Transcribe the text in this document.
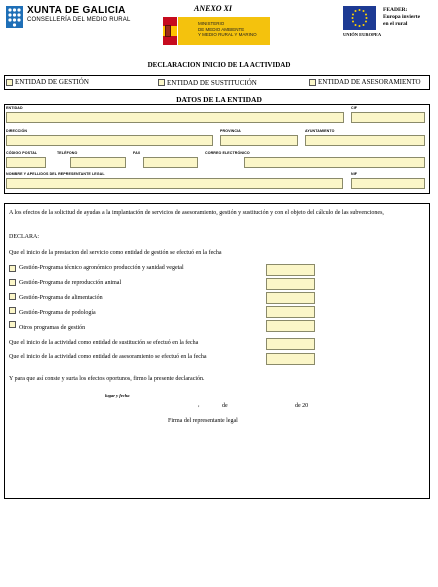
XUNTA DE GALICIA
CONSELLERÍA DEL MEDIO RURAL
ANEXO XI
MINISTERIO
DE MEDIO AMBIENTE
Y MEDIO RURAL Y MARINO
FEADER:
Europa invierte
en el rural
UNIÓN EUROPEA
DECLARACION INICIO DE LA ACTIVIDAD
ENTIDAD DE GESTIÓN	ENTIDAD DE SUSTITUCIÓN	ENTIDAD DE ASESORAMIENTO
DATOS DE LA ENTIDAD
ENTIDAD	CIF
DIRECCIÓN	PROVINCIA	AYUNTAMIENTO
CÓDIGO POSTAL	TELÉFONO	FAX	CORREO ELECTRÓNICO
NOMBRE Y APELLIDOS DEL REPRESENTANTE LEGAL	NIF
A los efectos de la solicitud de ayudas a la implantación de servicios de asesoramiento, gestión y sustitución y con el objeto del cálculo de las subvenciones,
DECLARA:
Que el inicio de la prestacion del servicio como entidad de gestión se efectuó en la fecha
Gestión-Programa técnico agronómico producción y sanidad vegetal
Gestión-Programa de reproducción animal
Gestión-Programa de alimentación
Gestión-Programa de podología
Otros programas de gestión
Que el inicio de la actividad como entidad de sustitución se efectuó en la fecha
Que el inicio de la actividad como entidad de asesoramiento se efectuó en la fecha
Y para que así conste y surta los efectos oportunos, firmo la presente declaración.
lugar y fecha
,	de	de 20
Firma del representante legal
